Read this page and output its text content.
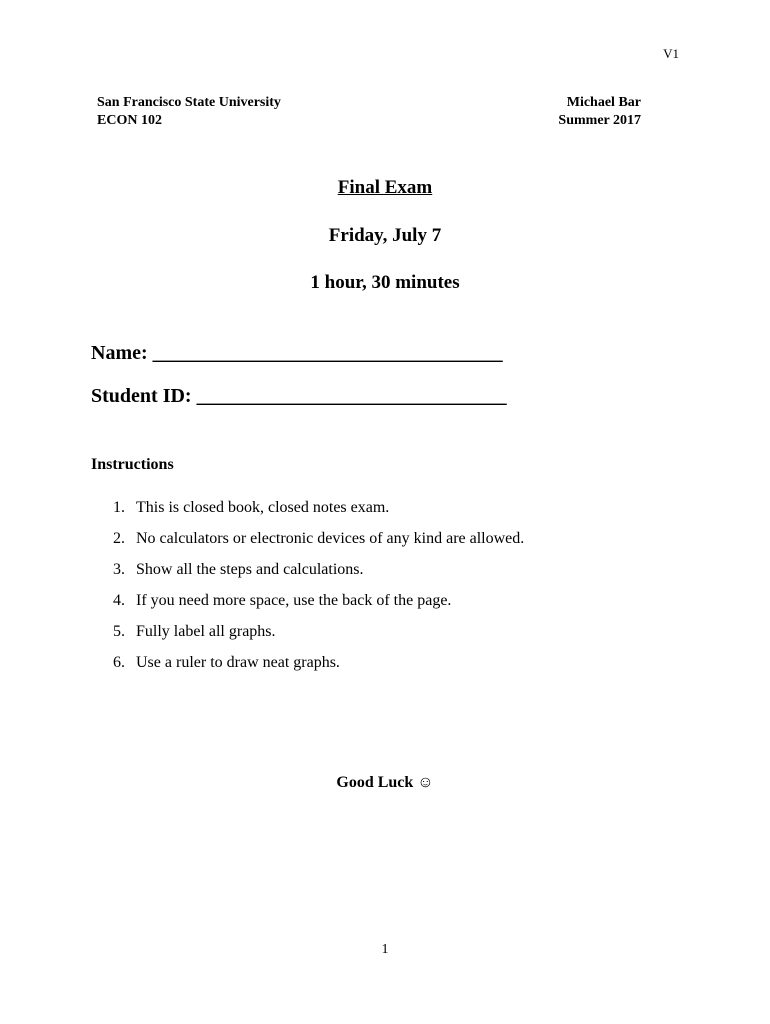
V1
San Francisco State University
ECON 102
Michael Bar
Summer 2017
Final Exam
Friday, July 7
1 hour, 30 minutes
Name: ___________________________________
Student ID: _______________________________
Instructions
1. This is closed book, closed notes exam.
2. No calculators or electronic devices of any kind are allowed.
3. Show all the steps and calculations.
4. If you need more space, use the back of the page.
5. Fully label all graphs.
6. Use a ruler to draw neat graphs.
Good Luck ☺
1
